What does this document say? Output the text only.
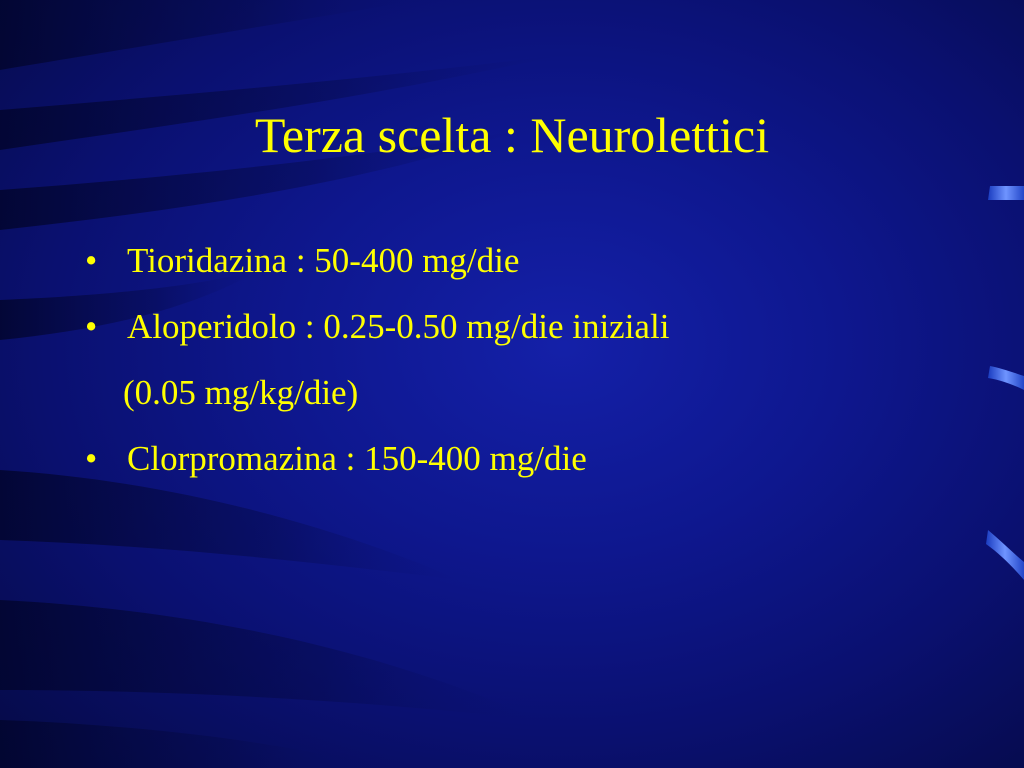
Terza scelta : Neurolettici
• Tioridazina : 50-400 mg/die
• Aloperidolo : 0.25-0.50 mg/die iniziali
(0.05 mg/kg/die)
• Clorpromazina : 150-400 mg/die
